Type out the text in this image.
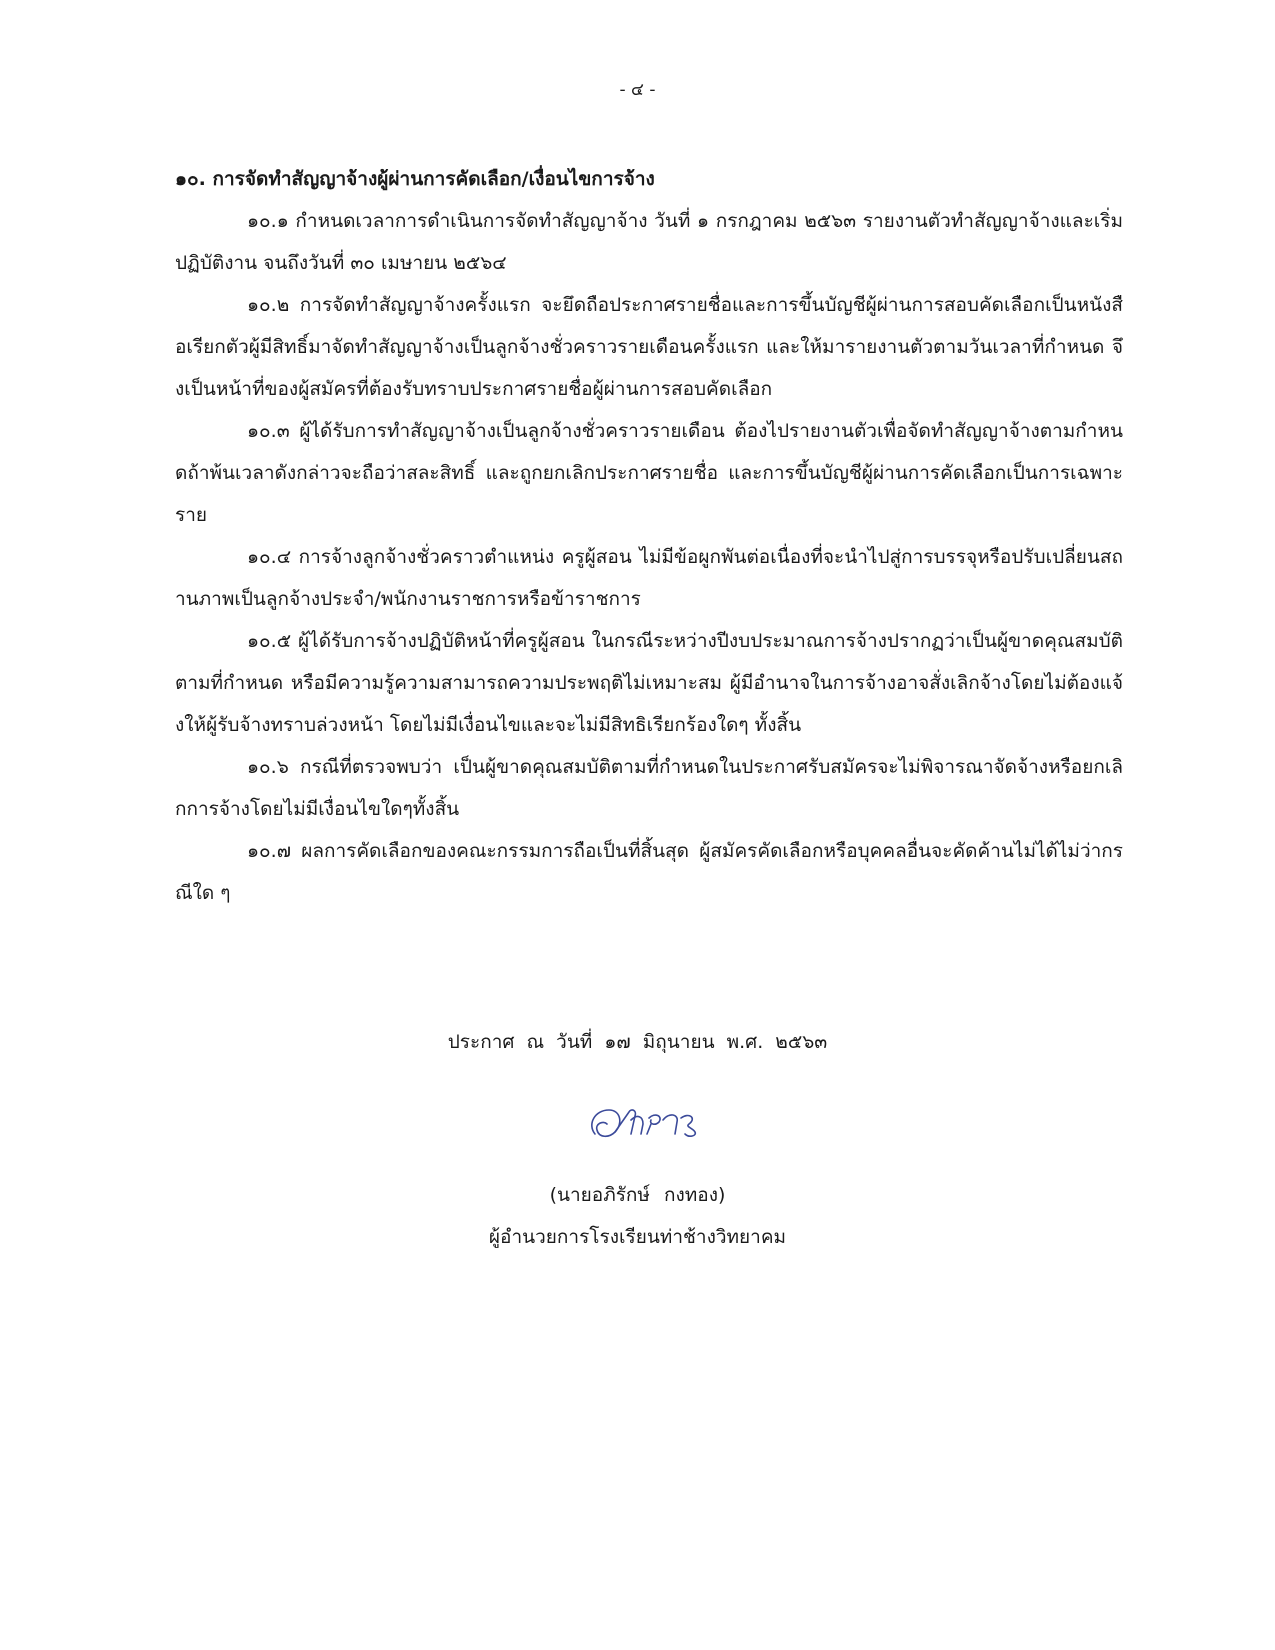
- ๔ -

๑๐. การจัดทำสัญญาจ้างผู้ผ่านการคัดเลือก/เงื่อนไขการจ้าง

๑๐.๑ กำหนดเวลาการดำเนินการจัดทำสัญญาจ้าง วันที่ ๑ กรกฎาคม ๒๕๖๓ รายงานตัวทำสัญญาจ้างและเริ่มปฏิบัติงาน จนถึงวันที่ ๓๐ เมษายน ๒๕๖๔

๑๐.๒ การจัดทำสัญญาจ้างครั้งแรก จะยึดถือประกาศรายชื่อและการขึ้นบัญชีผู้ผ่านการสอบคัดเลือกเป็นหนังสือเรียกตัวผู้มีสิทธิ์มาจัดทำสัญญาจ้างเป็นลูกจ้างชั่วคราวรายเดือนครั้งแรก และให้มารายงานตัวตามวันเวลาที่กำหนด จึงเป็นหน้าที่ของผู้สมัครที่ต้องรับทราบประกาศรายชื่อผู้ผ่านการสอบคัดเลือก

๑๐.๓ ผู้ได้รับการทำสัญญาจ้างเป็นลูกจ้างชั่วคราวรายเดือน ต้องไปรายงานตัวเพื่อจัดทำสัญญาจ้างตามกำหนดถ้าพ้นเวลาดังกล่าวจะถือว่าสละสิทธิ์ และถูกยกเลิกประกาศรายชื่อ และการขึ้นบัญชีผู้ผ่านการคัดเลือกเป็นการเฉพาะราย

๑๐.๔ การจ้างลูกจ้างชั่วคราวตำแหน่ง ครูผู้สอน ไม่มีข้อผูกพันต่อเนื่องที่จะนำไปสู่การบรรจุหรือปรับเปลี่ยนสถานภาพเป็นลูกจ้างประจำ/พนักงานราชการหรือข้าราชการ

๑๐.๕ ผู้ได้รับการจ้างปฏิบัติหน้าที่ครูผู้สอน ในกรณีระหว่างปีงบประมาณการจ้างปรากฏว่าเป็นผู้ขาดคุณสมบัติตามที่กำหนด หรือมีความรู้ความสามารถความประพฤติไม่เหมาะสม ผู้มีอำนาจในการจ้างอาจสั่งเลิกจ้างโดยไม่ต้องแจ้งให้ผู้รับจ้างทราบล่วงหน้า โดยไม่มีเงื่อนไขและจะไม่มีสิทธิเรียกร้องใดๆ ทั้งสิ้น

๑๐.๖ กรณีที่ตรวจพบว่า เป็นผู้ขาดคุณสมบัติตามที่กำหนดในประกาศรับสมัครจะไม่พิจารณาจัดจ้างหรือยกเลิกการจ้างโดยไม่มีเงื่อนไขใดๆทั้งสิ้น

๑๐.๗ ผลการคัดเลือกของคณะกรรมการถือเป็นที่สิ้นสุด ผู้สมัครคัดเลือกหรือบุคคลอื่นจะคัดค้านไม่ได้ไม่ว่ากรณีใด ๆ

ประกาศ ณ วันที่ ๑๗ มิถุนายน พ.ศ. ๒๕๖๓
(นายอภิรักษ์ กงทอง)
ผู้อำนวยการโรงเรียนท่าช้างวิทยาคม
